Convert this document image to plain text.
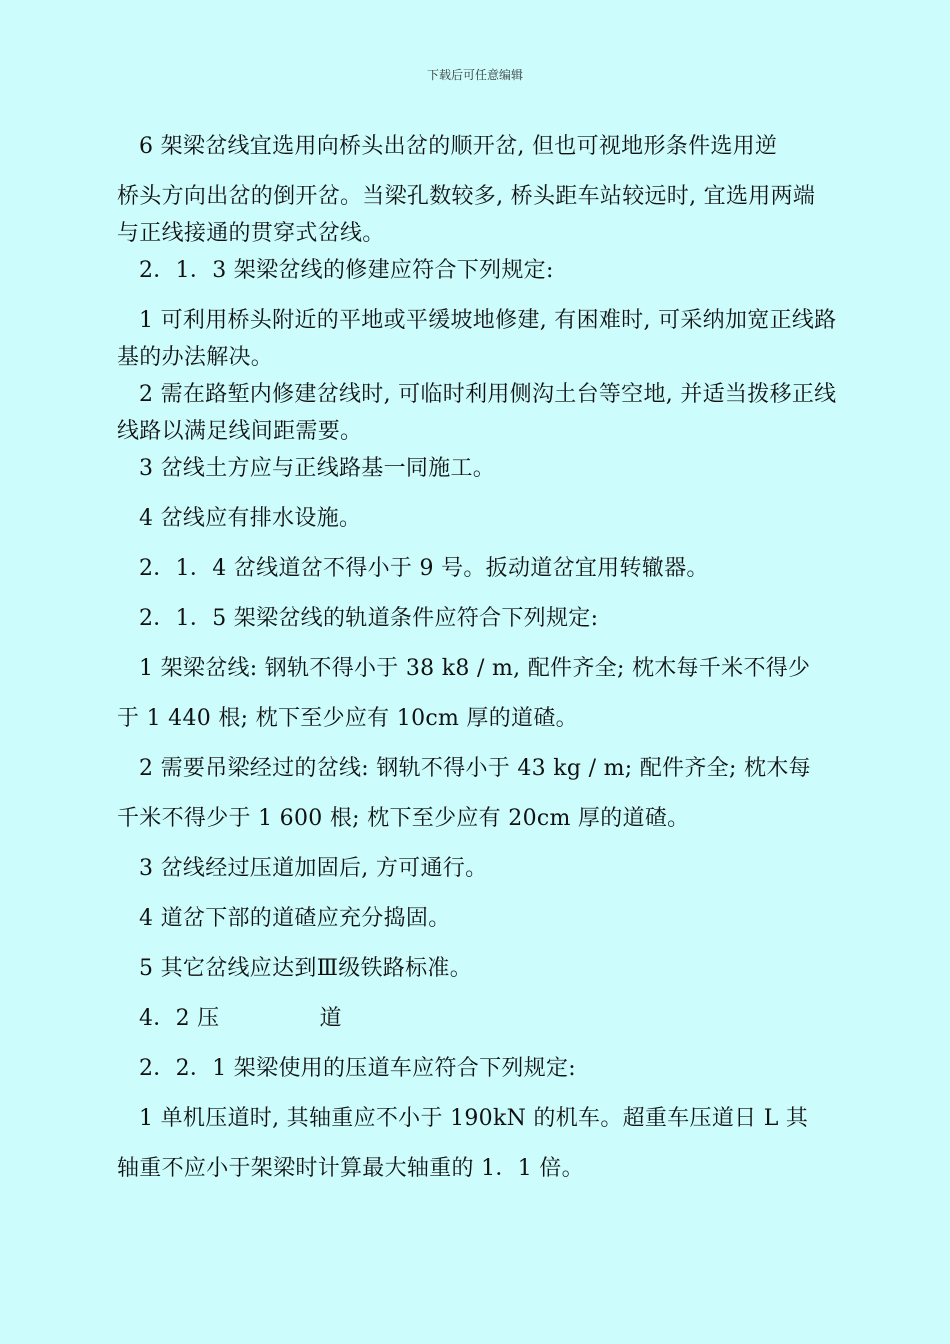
下载后可任意编辑

6 架梁岔线宜选用向桥头出岔的顺开岔, 但也可视地形条件选用逆

桥头方向出岔的倒开岔。当梁孔数较多, 桥头距车站较远时, 宜选用两端与正线接通的贯穿式岔线。

2．1．3 架梁岔线的修建应符合下列规定:

1 可利用桥头附近的平地或平缓坡地修建, 有困难时, 可采纳加宽正线路基的办法解决。

2 需在路堑内修建岔线时, 可临时利用侧沟土台等空地, 并适当拨移正线线路以满足线间距需要。

3 岔线土方应与正线路基一同施工。

4 岔线应有排水设施。

2．1．4 岔线道岔不得小于 9 号。扳动道岔宜用转辙器。

2．1．5 架梁岔线的轨道条件应符合下列规定:

1 架梁岔线: 钢轨不得小于 38 k8 / m, 配件齐全; 枕木每千米不得少

于 1 440 根; 枕下至少应有 10cm 厚的道碴。

2 需要吊梁经过的岔线: 钢轨不得小于 43 kg / m; 配件齐全; 枕木每

千米不得少于 1 600 根; 枕下至少应有 20cm 厚的道碴。

3 岔线经过压道加固后, 方可通行。

4 道岔下部的道碴应充分捣固。

5 其它岔线应达到Ⅲ级铁路标准。

4．2 压	道

2．2．1 架梁使用的压道车应符合下列规定:

1 单机压道时, 其轴重应不小于 190kN 的机车。超重车压道日 L 其

轴重不应小于架梁时计算最大轴重的 1．1 倍。
